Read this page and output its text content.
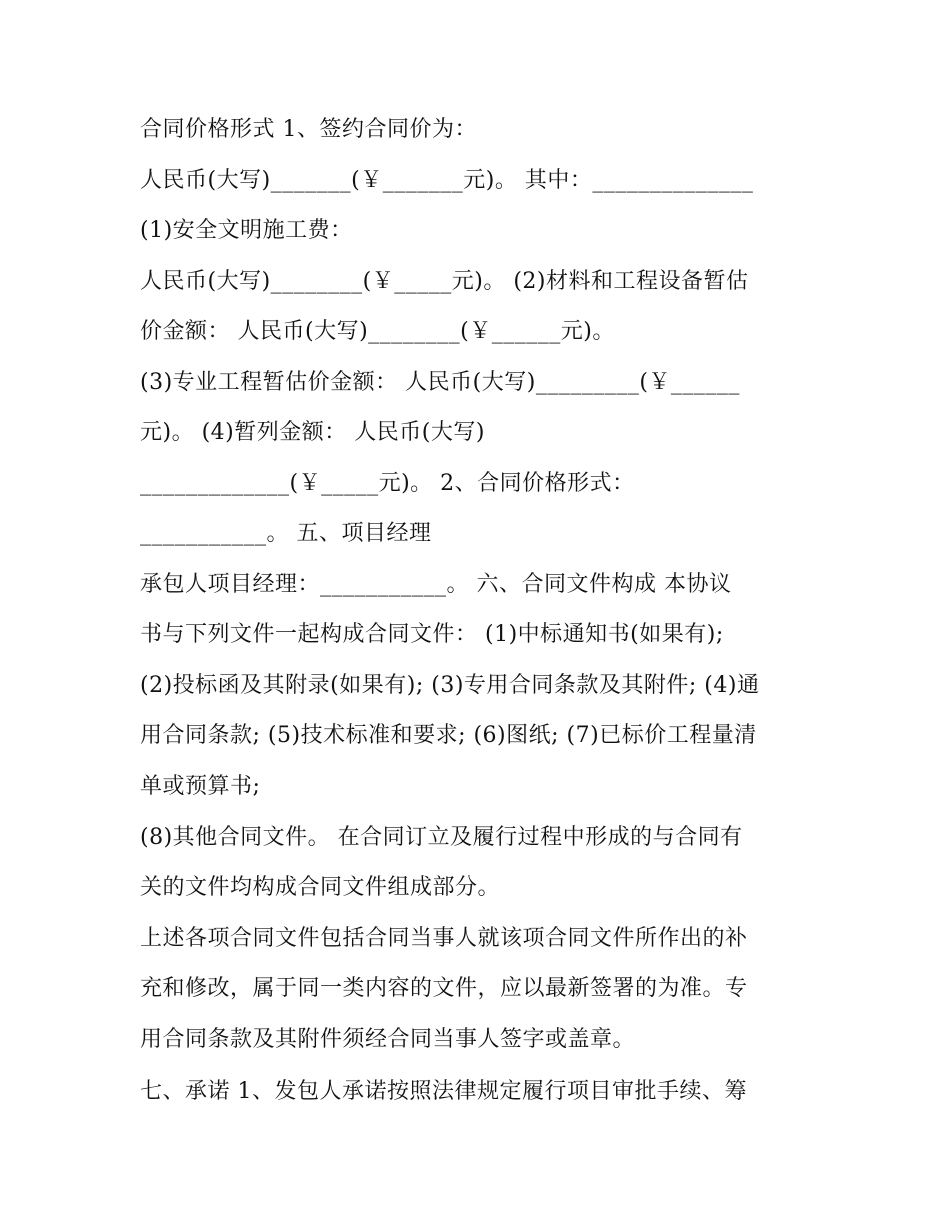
合同价格形式 1、签约合同价为：
人民币(大写)_______(￥_______元)。 其中：______________
(1)安全文明施工费：
人民币(大写)________(￥_____元)。 (2)材料和工程设备暂估
价金额： 人民币(大写)________(￥______元)。
(3)专业工程暂估价金额： 人民币(大写)_________(￥______
元)。 (4)暂列金额： 人民币(大写)
_____________(￥_____元)。 2、合同价格形式：
___________。 五、项目经理
承包人项目经理：___________。 六、合同文件构成 本协议
书与下列文件一起构成合同文件： (1)中标通知书(如果有);
(2)投标函及其附录(如果有); (3)专用合同条款及其附件; (4)通
用合同条款; (5)技术标准和要求; (6)图纸; (7)已标价工程量清
单或预算书;
(8)其他合同文件。 在合同订立及履行过程中形成的与合同有
关的文件均构成合同文件组成部分。
上述各项合同文件包括合同当事人就该项合同文件所作出的补
充和修改，属于同一类内容的文件，应以最新签署的为准。专
用合同条款及其附件须经合同当事人签字或盖章。
七、承诺 1、发包人承诺按照法律规定履行项目审批手续、筹
